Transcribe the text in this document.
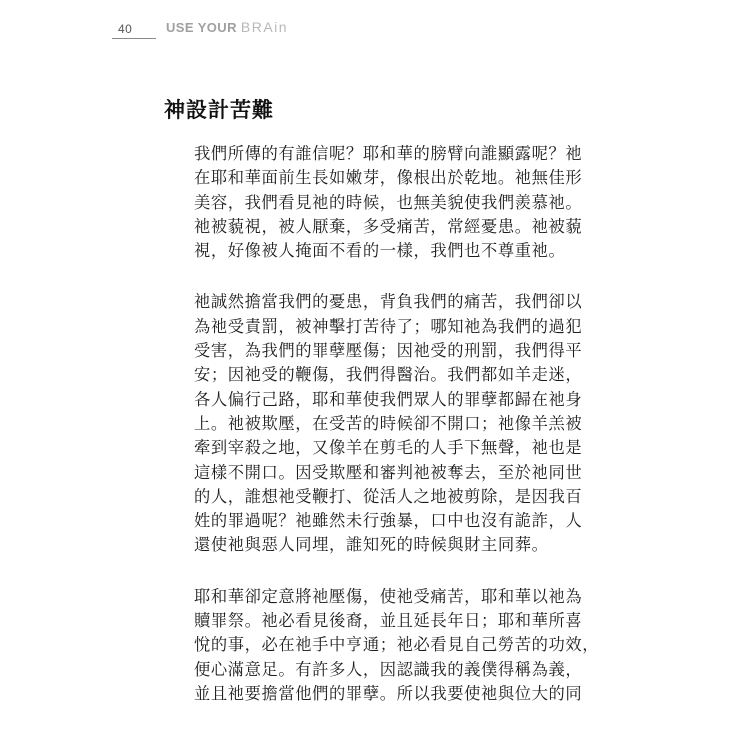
40	USE YOUR BRAin
神設計苦難
我們所傳的有誰信呢？耶和華的膀臂向誰顯露呢？祂
在耶和華面前生長如嫩芽，像根出於乾地。祂無佳形
美容，我們看見祂的時候，也無美貌使我們羨慕祂。
祂被藐視，被人厭棄，多受痛苦，常經憂患。祂被藐
視，好像被人掩面不看的一樣，我們也不尊重祂。
祂誠然擔當我們的憂患，背負我們的痛苦，我們卻以
為祂受責罰，被神擊打苦待了；哪知祂為我們的過犯
受害，為我們的罪孽壓傷；因祂受的刑罰，我們得平
安；因祂受的鞭傷，我們得醫治。我們都如羊走迷，
各人偏行己路，耶和華使我們眾人的罪孽都歸在祂身
上。祂被欺壓，在受苦的時候卻不開口；祂像羊羔被
牽到宰殺之地，又像羊在剪毛的人手下無聲，祂也是
這樣不開口。因受欺壓和審判祂被奪去，至於祂同世
的人，誰想祂受鞭打、從活人之地被剪除，是因我百
姓的罪過呢？祂雖然未行強暴，口中也沒有詭詐，人
還使祂與惡人同埋，誰知死的時候與財主同葬。
耶和華卻定意將祂壓傷，使祂受痛苦，耶和華以祂為
贖罪祭。祂必看見後裔，並且延長年日；耶和華所喜
悅的事，必在祂手中亨通；祂必看見自己勞苦的功效，
便心滿意足。有許多人，因認識我的義僕得稱為義，
並且祂要擔當他們的罪孽。所以我要使祂與位大的同
